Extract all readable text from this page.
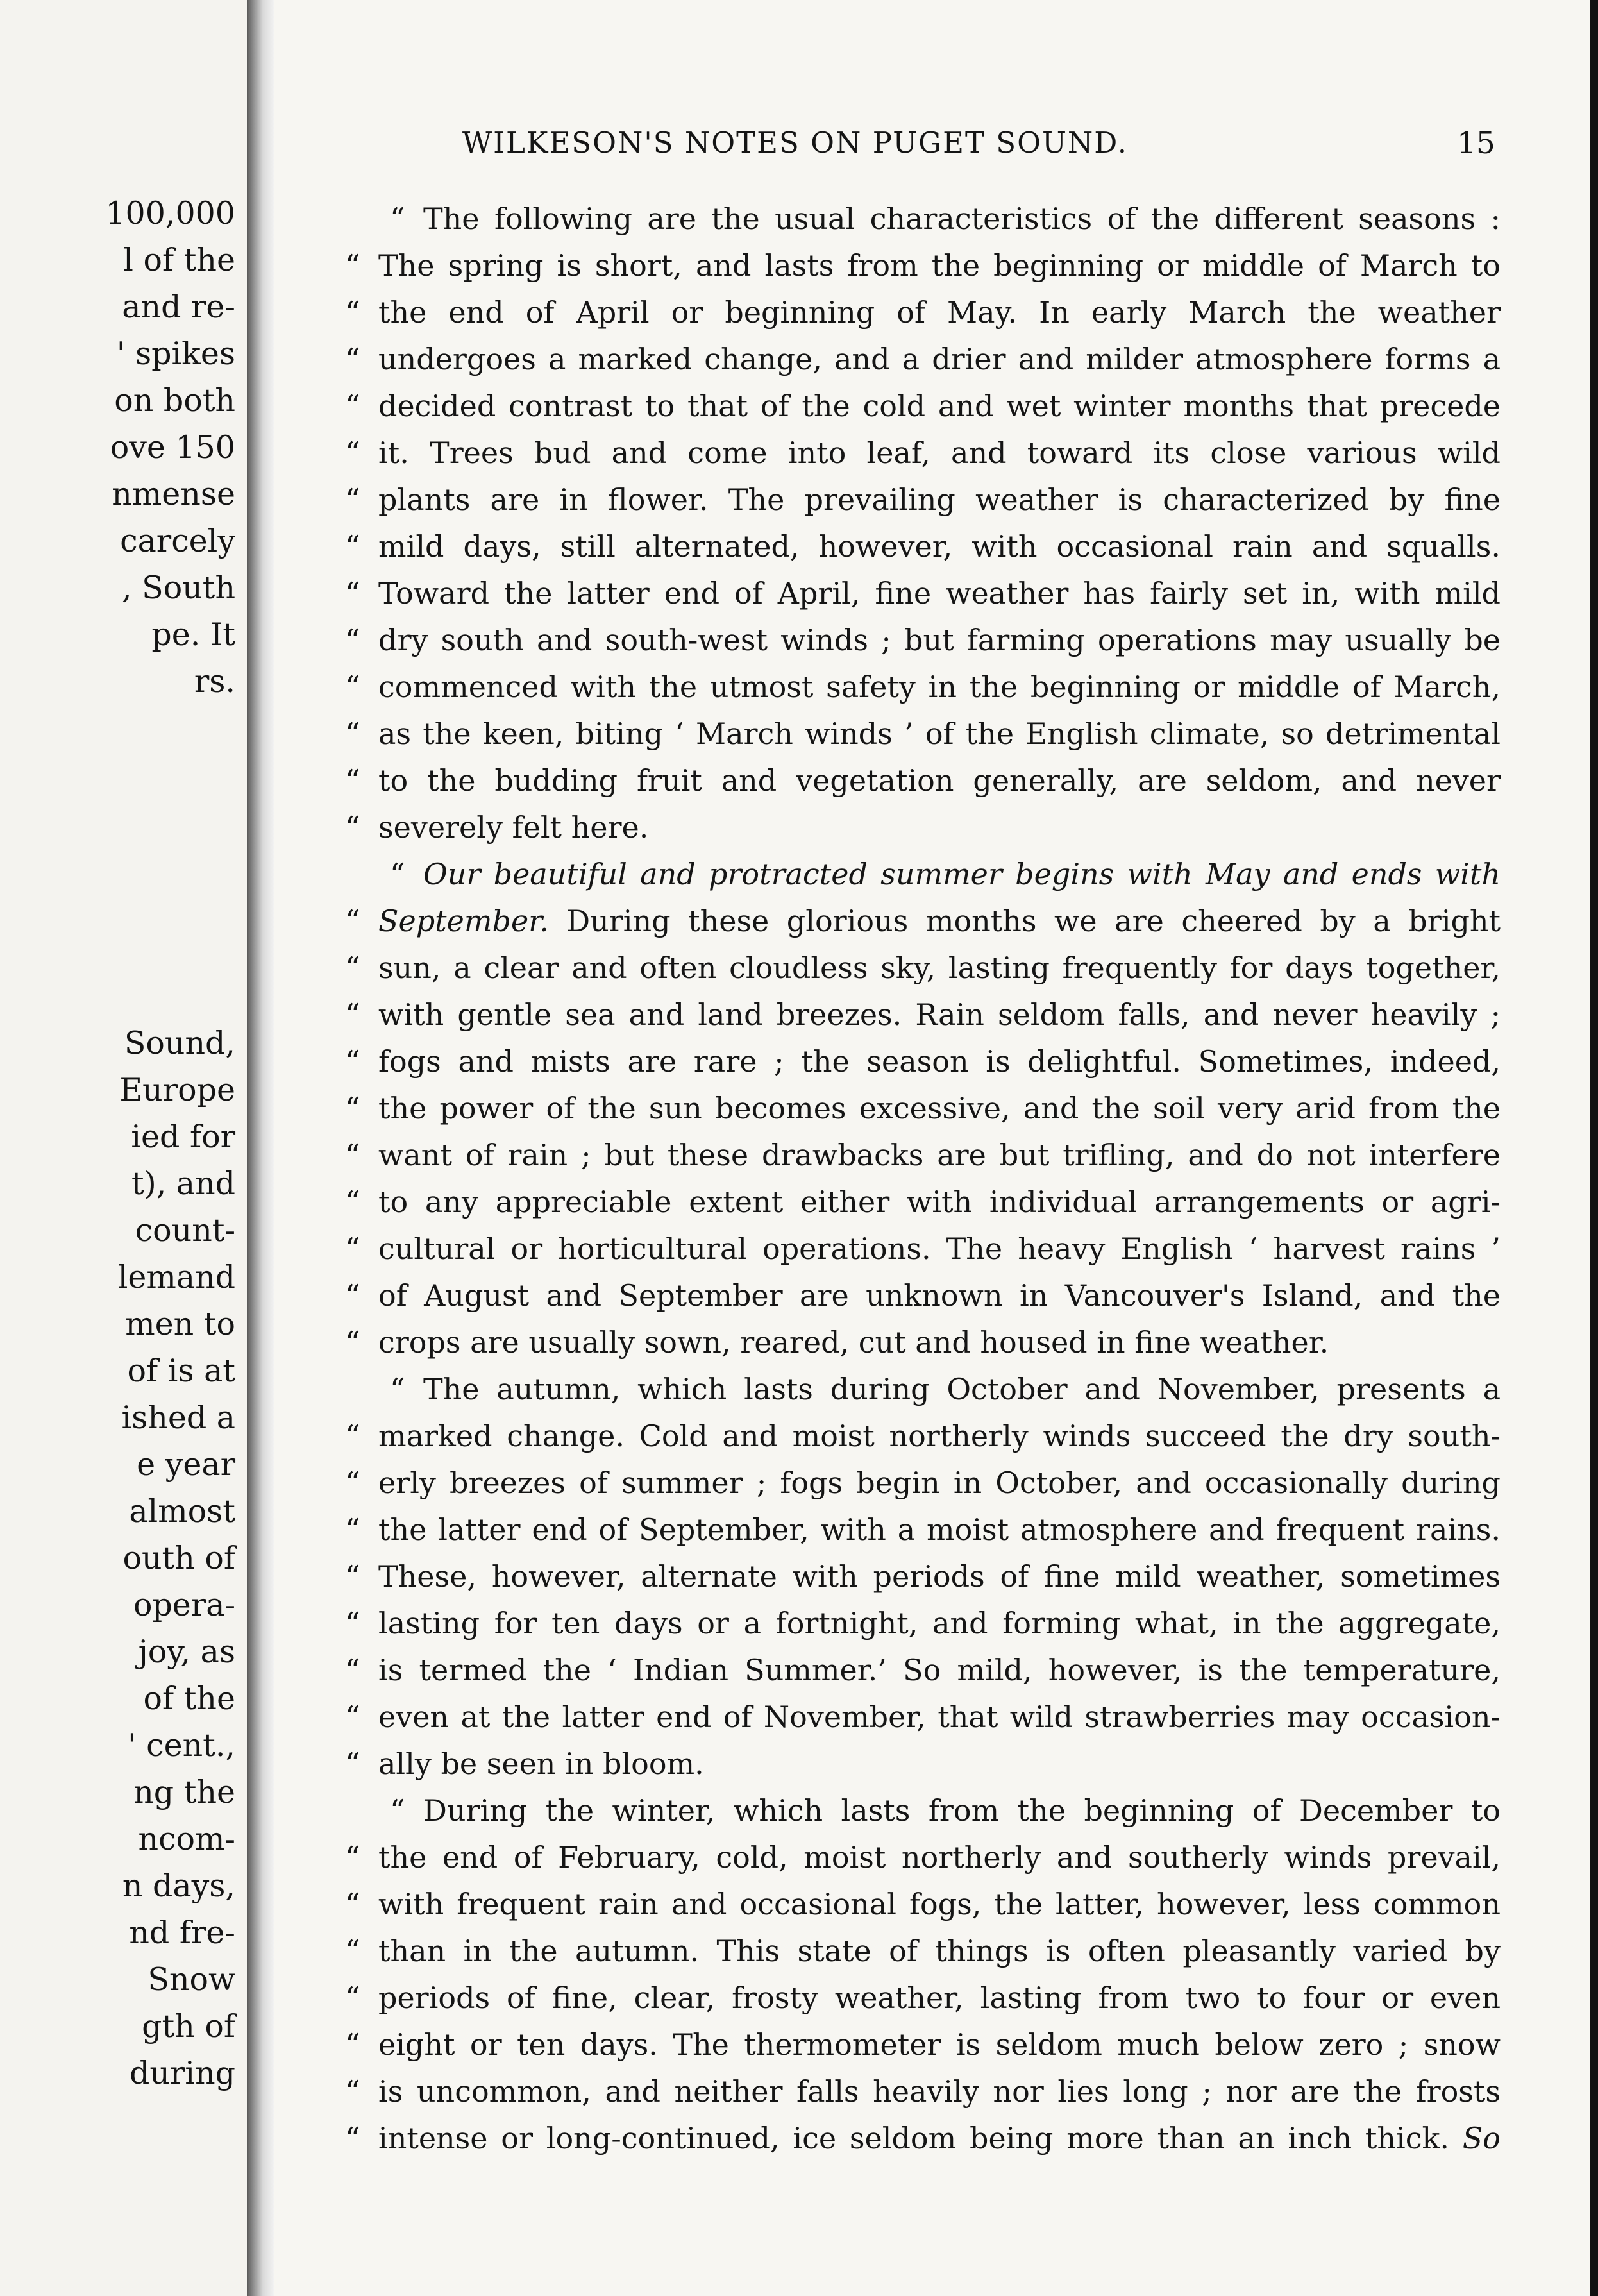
100,000
l of the
and re-
' spikes
on both
ove 150
nmense
carcely
, South
pe. It
rs.
Sound,
Europe
ied for
t), and
count-
lemand
men to
of is at
ished a
e year
almost
outh of
opera-
joy, as
of the
' cent.,
ng the
ncom-
n days,
nd fre-
Snow
gth of
during
WILKESON'S NOTES ON PUGET SOUND.	15
“ The following are the usual characteristics of the different seasons :
“ The spring is short, and lasts from the beginning or middle of March to
“ the end of April or beginning of May. In early March the weather
“ undergoes a marked change, and a drier and milder atmosphere forms a
“ decided contrast to that of the cold and wet winter months that precede
“ it. Trees bud and come into leaf, and toward its close various wild
“ plants are in flower. The prevailing weather is characterized by fine
“ mild days, still alternated, however, with occasional rain and squalls.
“ Toward the latter end of April, fine weather has fairly set in, with mild
“ dry south and south-west winds ; but farming operations may usually be
“ commenced with the utmost safety in the beginning or middle of March,
“ as the keen, biting ‘ March winds ’ of the English climate, so detrimental
“ to the budding fruit and vegetation generally, are seldom, and never
“ severely felt here.
“ Our beautiful and protracted summer begins with May and ends with
“ September. During these glorious months we are cheered by a bright
“ sun, a clear and often cloudless sky, lasting frequently for days together,
“ with gentle sea and land breezes. Rain seldom falls, and never heavily ;
“ fogs and mists are rare ; the season is delightful. Sometimes, indeed,
“ the power of the sun becomes excessive, and the soil very arid from the
“ want of rain ; but these drawbacks are but trifling, and do not interfere
“ to any appreciable extent either with individual arrangements or agri-
“ cultural or horticultural operations. The heavy English ‘ harvest rains ’
“ of August and September are unknown in Vancouver's Island, and the
“ crops are usually sown, reared, cut and housed in fine weather.
“ The autumn, which lasts during October and November, presents a
“ marked change. Cold and moist northerly winds succeed the dry south-
“ erly breezes of summer ; fogs begin in October, and occasionally during
“ the latter end of September, with a moist atmosphere and frequent rains.
“ These, however, alternate with periods of fine mild weather, sometimes
“ lasting for ten days or a fortnight, and forming what, in the aggregate,
“ is termed the ‘ Indian Summer.’ So mild, however, is the temperature,
“ even at the latter end of November, that wild strawberries may occasion-
“ ally be seen in bloom.
“ During the winter, which lasts from the beginning of December to
“ the end of February, cold, moist northerly and southerly winds prevail,
“ with frequent rain and occasional fogs, the latter, however, less common
“ than in the autumn. This state of things is often pleasantly varied by
“ periods of fine, clear, frosty weather, lasting from two to four or even
“ eight or ten days. The thermometer is seldom much below zero ; snow
“ is uncommon, and neither falls heavily nor lies long ; nor are the frosts
“ intense or long-continued, ice seldom being more than an inch thick. So
